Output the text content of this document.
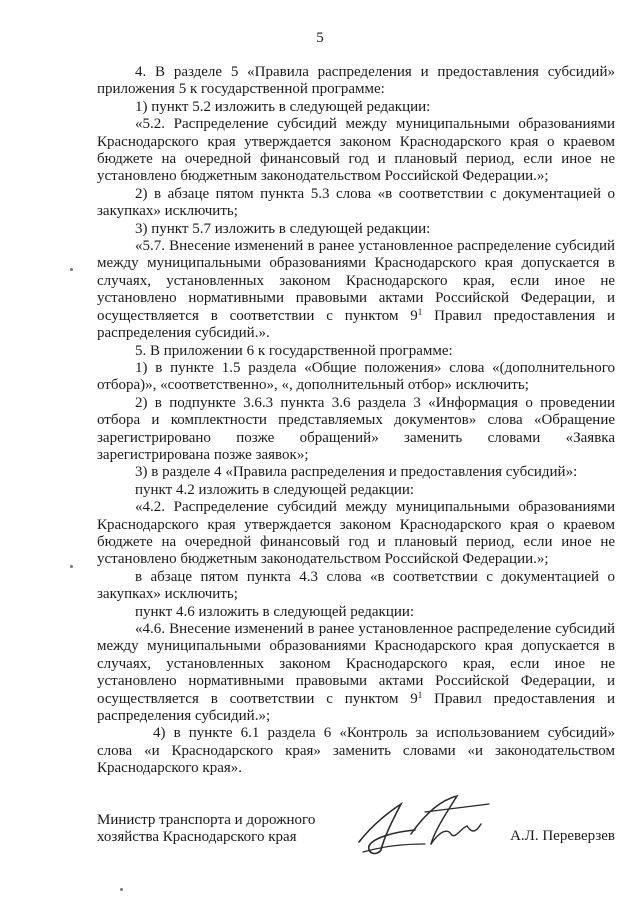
5

4. В разделе 5 «Правила распределения и предоставления субсидий» приложения 5 к государственной программе:

1) пункт 5.2 изложить в следующей редакции:

«5.2. Распределение субсидий между муниципальными образованиями Краснодарского края утверждается законом Краснодарского края о краевом бюджете на очередной финансовый год и плановый период, если иное не установлено бюджетным законодательством Российской Федерации.»;

2) в абзаце пятом пункта 5.3 слова «в соответствии с документацией о закупках» исключить;

3) пункт 5.7 изложить в следующей редакции:

«5.7. Внесение изменений в ранее установленное распределение субсидий между муниципальными образованиями Краснодарского края допускается в случаях, установленных законом Краснодарского края, если иное не установлено нормативными правовыми актами Российской Федерации, и осуществляется в соответствии с пунктом $9^1$ Правил предоставления и распределения субсидий.».

5. В приложении 6 к государственной программе:

1) в пункте 1.5 раздела «Общие положения» слова «(дополнительного отбора)», «соответственно», «, дополнительный отбор» исключить;

2) в подпункте 3.6.3 пункта 3.6 раздела 3 «Информация о проведении отбора и комплектности представляемых документов» слова «Обращение зарегистрировано позже обращений» заменить словами «Заявка зарегистрирована позже заявок»;

3) в разделе 4 «Правила распределения и предоставления субсидий»:

пункт 4.2 изложить в следующей редакции:

«4.2. Распределение субсидий между муниципальными образованиями Краснодарского края утверждается законом Краснодарского края о краевом бюджете на очередной финансовый год и плановый период, если иное не установлено бюджетным законодательством Российской Федерации.»;

в абзаце пятом пункта 4.3 слова «в соответствии с документацией о закупках» исключить;

пункт 4.6 изложить в следующей редакции:

«4.6. Внесение изменений в ранее установленное распределение субсидий между муниципальными образованиями Краснодарского края допускается в случаях, установленных законом Краснодарского края, если иное не установлено нормативными правовыми актами Российской Федерации, и осуществляется в соответствии с пунктом $9^1$ Правил предоставления и распределения субсидий.»;

4) в пункте 6.1 раздела 6 «Контроль за использованием субсидий» слова «и Краснодарского края» заменить словами «и законодательством Краснодарского края».

Министр транспорта и дорожного
хозяйства Краснодарского края	А.Л. Переверзев
